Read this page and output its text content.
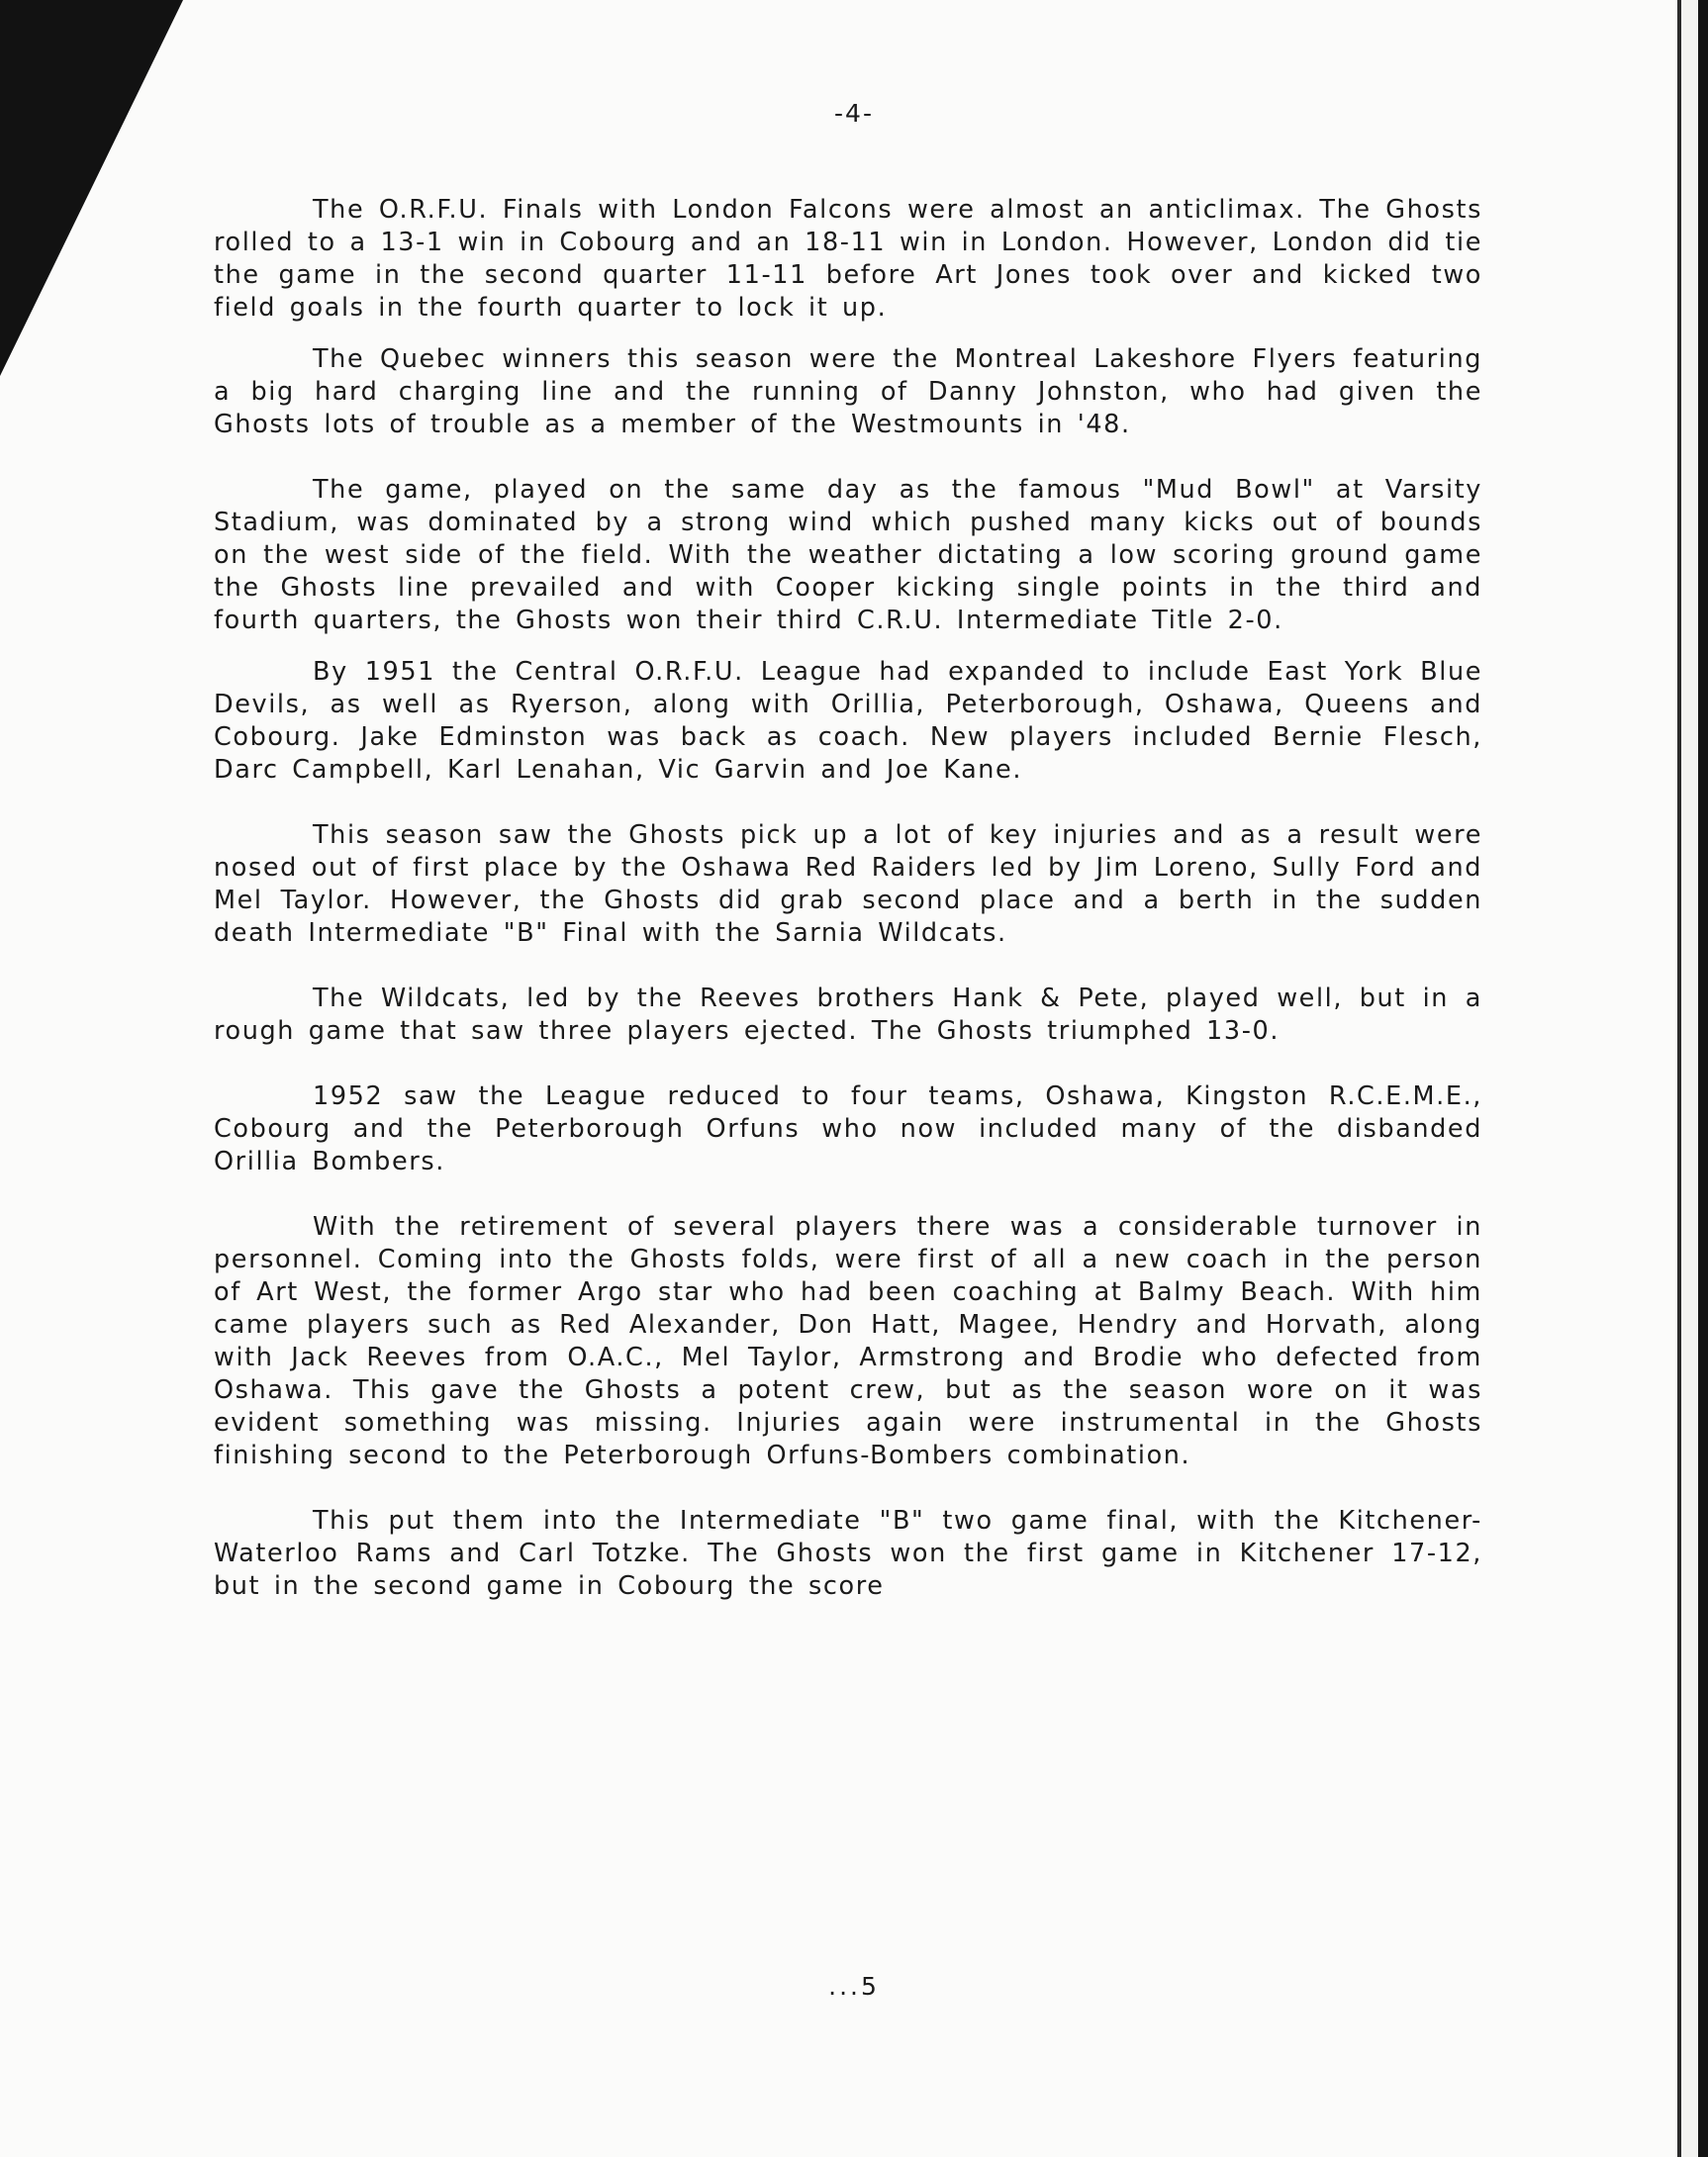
-4-

The O.R.F.U. Finals with London Falcons were almost an anticlimax. The Ghosts rolled to a 13-1 win in Cobourg and an 18-11 win in London. However, London did tie the game in the second quarter 11-11 before Art Jones took over and kicked two field goals in the fourth quarter to lock it up.

The Quebec winners this season were the Montreal Lakeshore Flyers featuring a big hard charging line and the running of Danny Johnston, who had given the Ghosts lots of trouble as a member of the Westmounts in '48.

The game, played on the same day as the famous "Mud Bowl" at Varsity Stadium, was dominated by a strong wind which pushed many kicks out of bounds on the west side of the field. With the weather dictating a low scoring ground game the Ghosts line prevailed and with Cooper kicking single points in the third and fourth quarters, the Ghosts won their third C.R.U. Intermediate Title 2-0.

By 1951 the Central O.R.F.U. League had expanded to include East York Blue Devils, as well as Ryerson, along with Orillia, Peterborough, Oshawa, Queens and Cobourg. Jake Edminston was back as coach. New players included Bernie Flesch, Darc Campbell, Karl Lenahan, Vic Garvin and Joe Kane.

This season saw the Ghosts pick up a lot of key injuries and as a result were nosed out of first place by the Oshawa Red Raiders led by Jim Loreno, Sully Ford and Mel Taylor. However, the Ghosts did grab second place and a berth in the sudden death Intermediate "B" Final with the Sarnia Wildcats.

The Wildcats, led by the Reeves brothers Hank & Pete, played well, but in a rough game that saw three players ejected. The Ghosts triumphed 13-0.

1952 saw the League reduced to four teams, Oshawa, Kingston R.C.E.M.E., Cobourg and the Peterborough Orfuns who now included many of the disbanded Orillia Bombers.

With the retirement of several players there was a considerable turnover in personnel. Coming into the Ghosts folds, were first of all a new coach in the person of Art West, the former Argo star who had been coaching at Balmy Beach. With him came players such as Red Alexander, Don Hatt, Magee, Hendry and Horvath, along with Jack Reeves from O.A.C., Mel Taylor, Armstrong and Brodie who defected from Oshawa. This gave the Ghosts a potent crew, but as the season wore on it was evident something was missing. Injuries again were instrumental in the Ghosts finishing second to the Peterborough Orfuns-Bombers combination.

This put them into the Intermediate "B" two game final, with the Kitchener-Waterloo Rams and Carl Totzke. The Ghosts won the first game in Kitchener 17-12, but in the second game in Cobourg the score

...5
